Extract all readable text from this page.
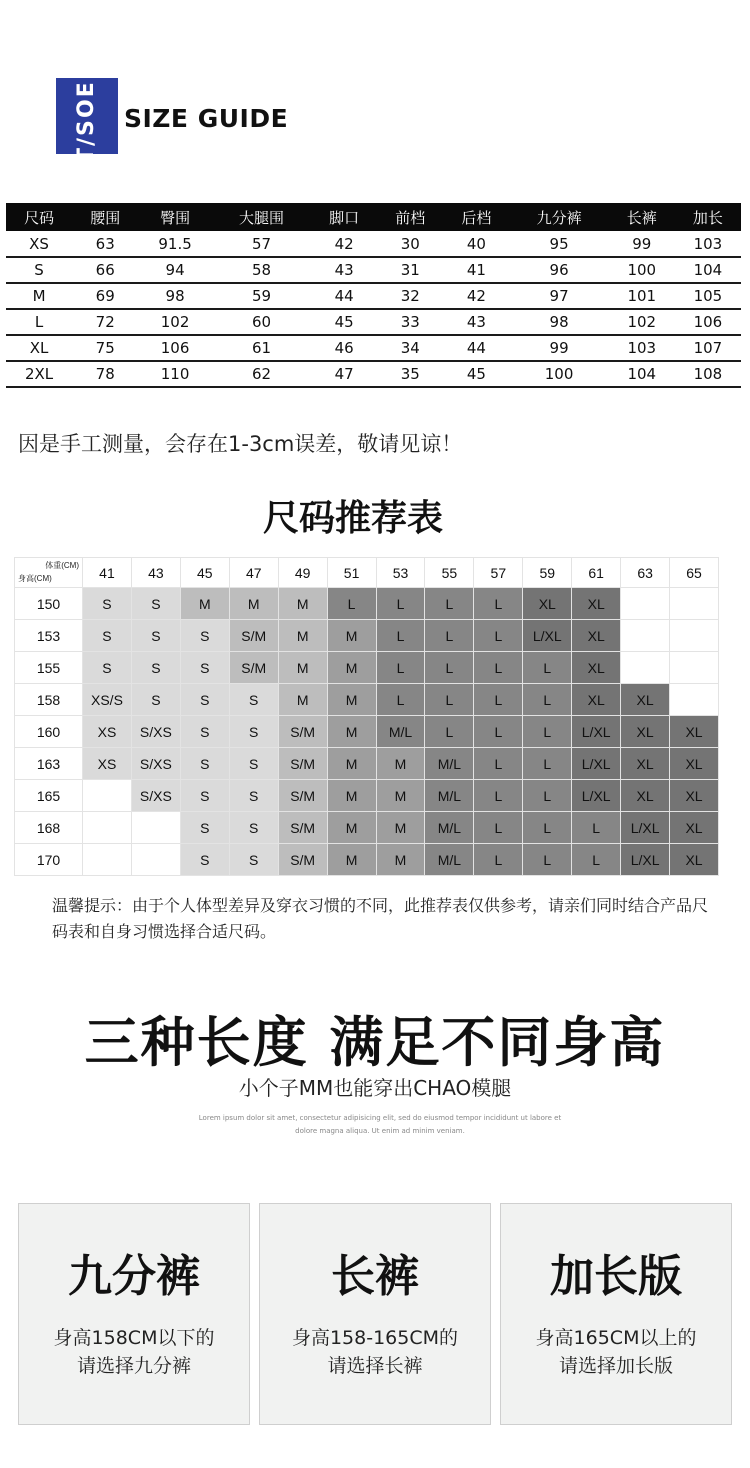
T/S
OE!
SIZE GUIDE
尺码	腰围	臀围	大腿围	脚口	前档	后档	九分裤	长裤	加长
XS	63	91.5	57	42	30	40	95	99	103
S	66	94	58	43	31	41	96	100	104
M	69	98	59	44	32	42	97	101	105
L	72	102	60	45	33	43	98	102	106
XL	75	106	61	46	34	44	99	103	107
2XL	78	110	62	47	35	45	100	104	108
因是手工测量，会存在1-3cm误差，敬请见谅！
尺码推荐表
体重(CM)
身高(CM)	41	43	45	47	49	51	53	55	57	59	61	63	65
150	S	S	M	M	M	L	L	L	L	XL	XL		
153	S	S	S	S/M	M	M	L	L	L	L/XL	XL		
155	S	S	S	S/M	M	M	L	L	L	L	XL		
158	XS/S	S	S	S	M	M	L	L	L	L	XL	XL	
160	XS	S/XS	S	S	S/M	M	M/L	L	L	L	L/XL	XL	XL
163	XS	S/XS	S	S	S/M	M	M	M/L	L	L	L/XL	XL	XL
165		S/XS	S	S	S/M	M	M	M/L	L	L	L/XL	XL	XL
168			S	S	S/M	M	M	M/L	L	L	L	L/XL	XL
170			S	S	S/M	M	M	M/L	L	L	L	L/XL	XL
温馨提示：由于个人体型差异及穿衣习惯的不同，此推荐表仅供参考，请亲们同时结合产品尺码表和自身习惯选择合适尺码。
三种长度 满足不同身高
小个子MM也能穿出CHAO模腿
Lorem ipsum dolor sit amet, consectetur adipisicing elit, sed do eiusmod tempor incididunt ut labore et dolore magna aliqua. Ut enim ad minim veniam.
九分裤
身高158CM以下的
请选择九分裤
长裤
身高158-165CM的
请选择长裤
加长版
身高165CM以上的
请选择加长版
